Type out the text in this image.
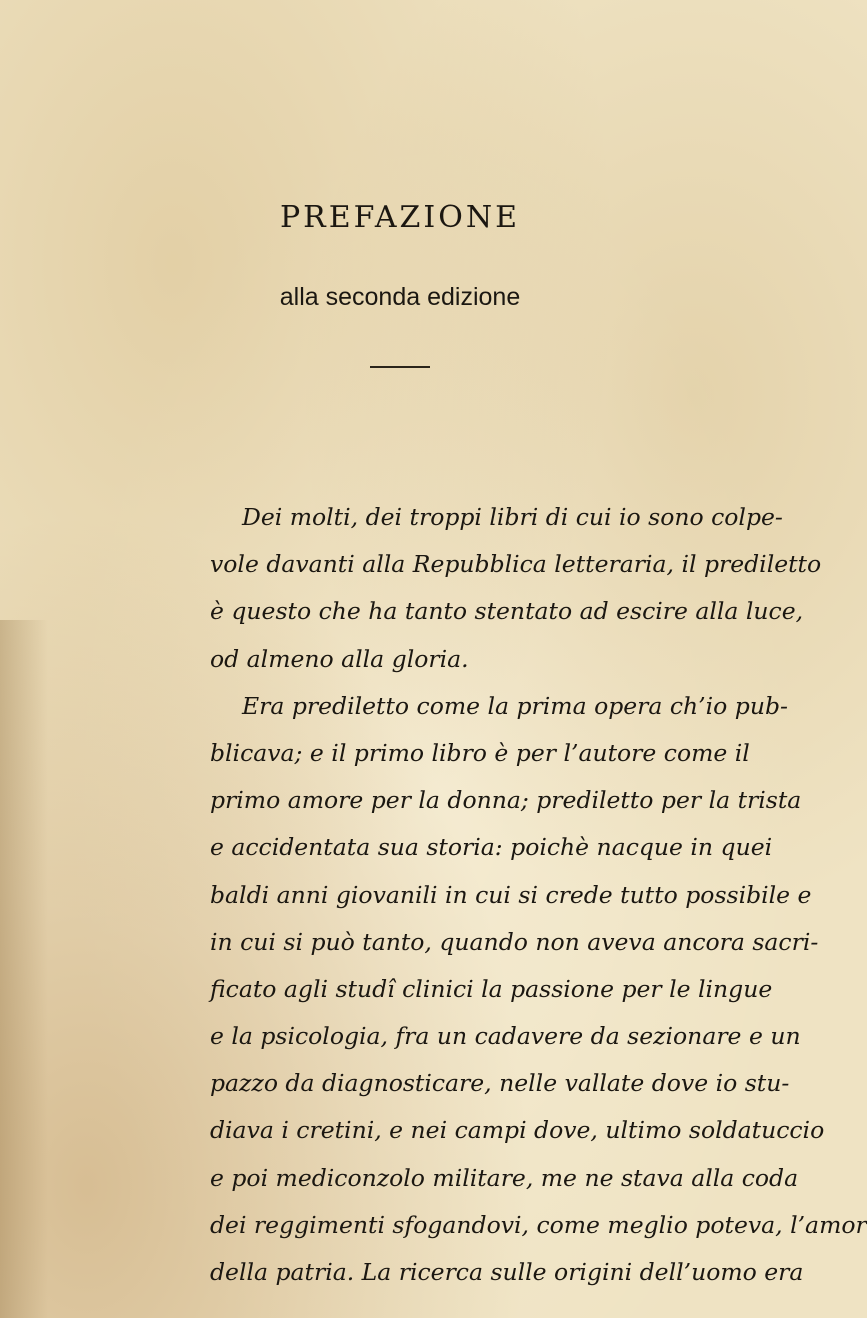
PREFAZIONE
alla seconda edizione
Dei molti, dei troppi libri di cui io sono colpe-
vole davanti alla Repubblica letteraria, il prediletto
è questo che ha tanto stentato ad escire alla luce,
od almeno alla gloria.
Era prediletto come la prima opera ch’io pub-
blicava; e il primo libro è per l’autore come il
primo amore per la donna; prediletto per la trista
e accidentata sua storia: poichè nacque in quei
baldi anni giovanili in cui si crede tutto possibile e
in cui si può tanto, quando non aveva ancora sacri-
ficato agli studî clinici la passione per le lingue
e la psicologia, fra un cadavere da sezionare e un
pazzo da diagnosticare, nelle vallate dove io stu-
diava i cretini, e nei campi dove, ultimo soldatuccio
e poi mediconzolo militare, me ne stava alla coda
dei reggimenti sfogandovi, come meglio poteva, l’amor
della patria. La ricerca sulle origini dell’uomo era
